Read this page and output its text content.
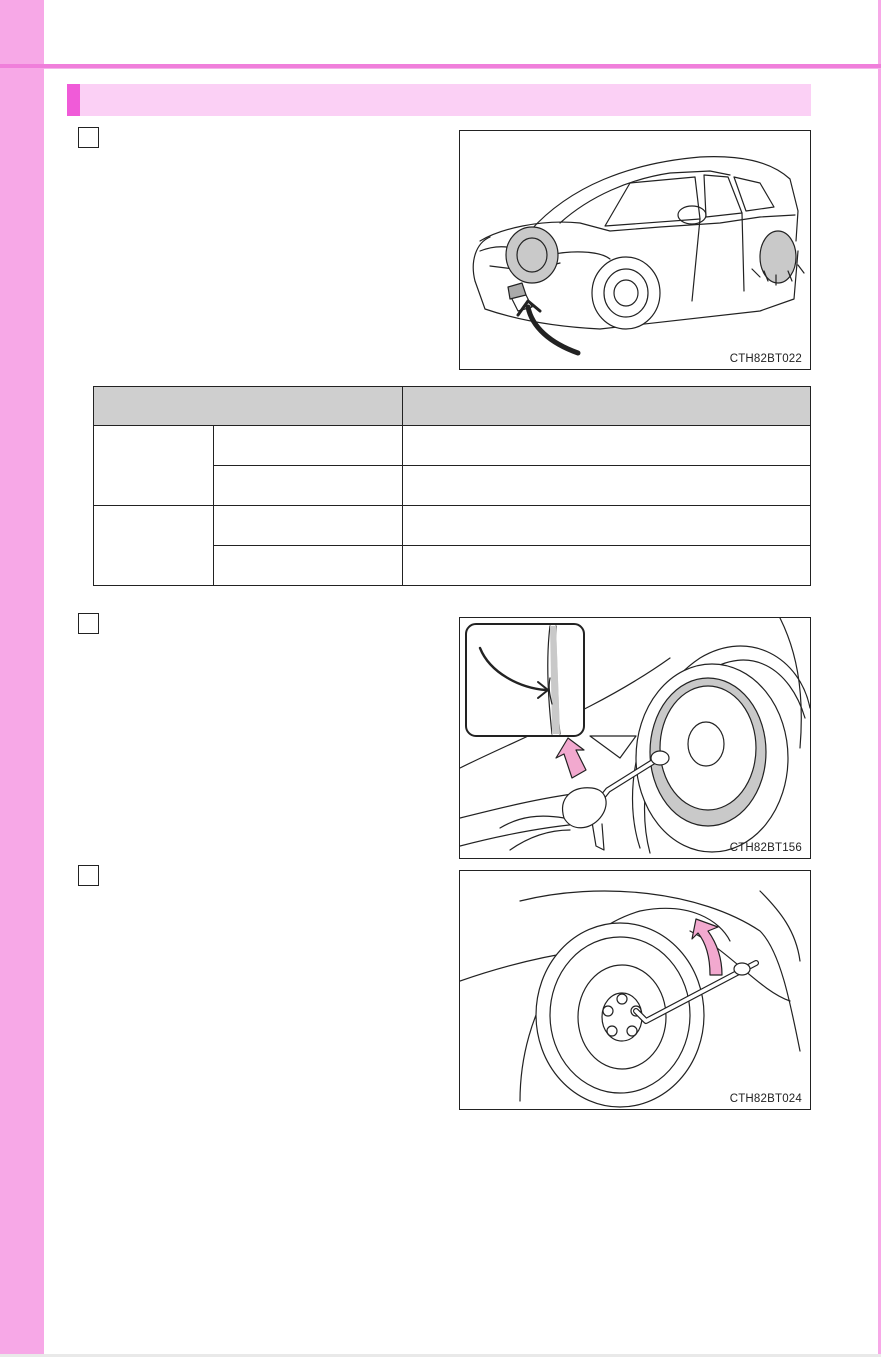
CTH82BT022

CTH82BT156
CTH82BT024
